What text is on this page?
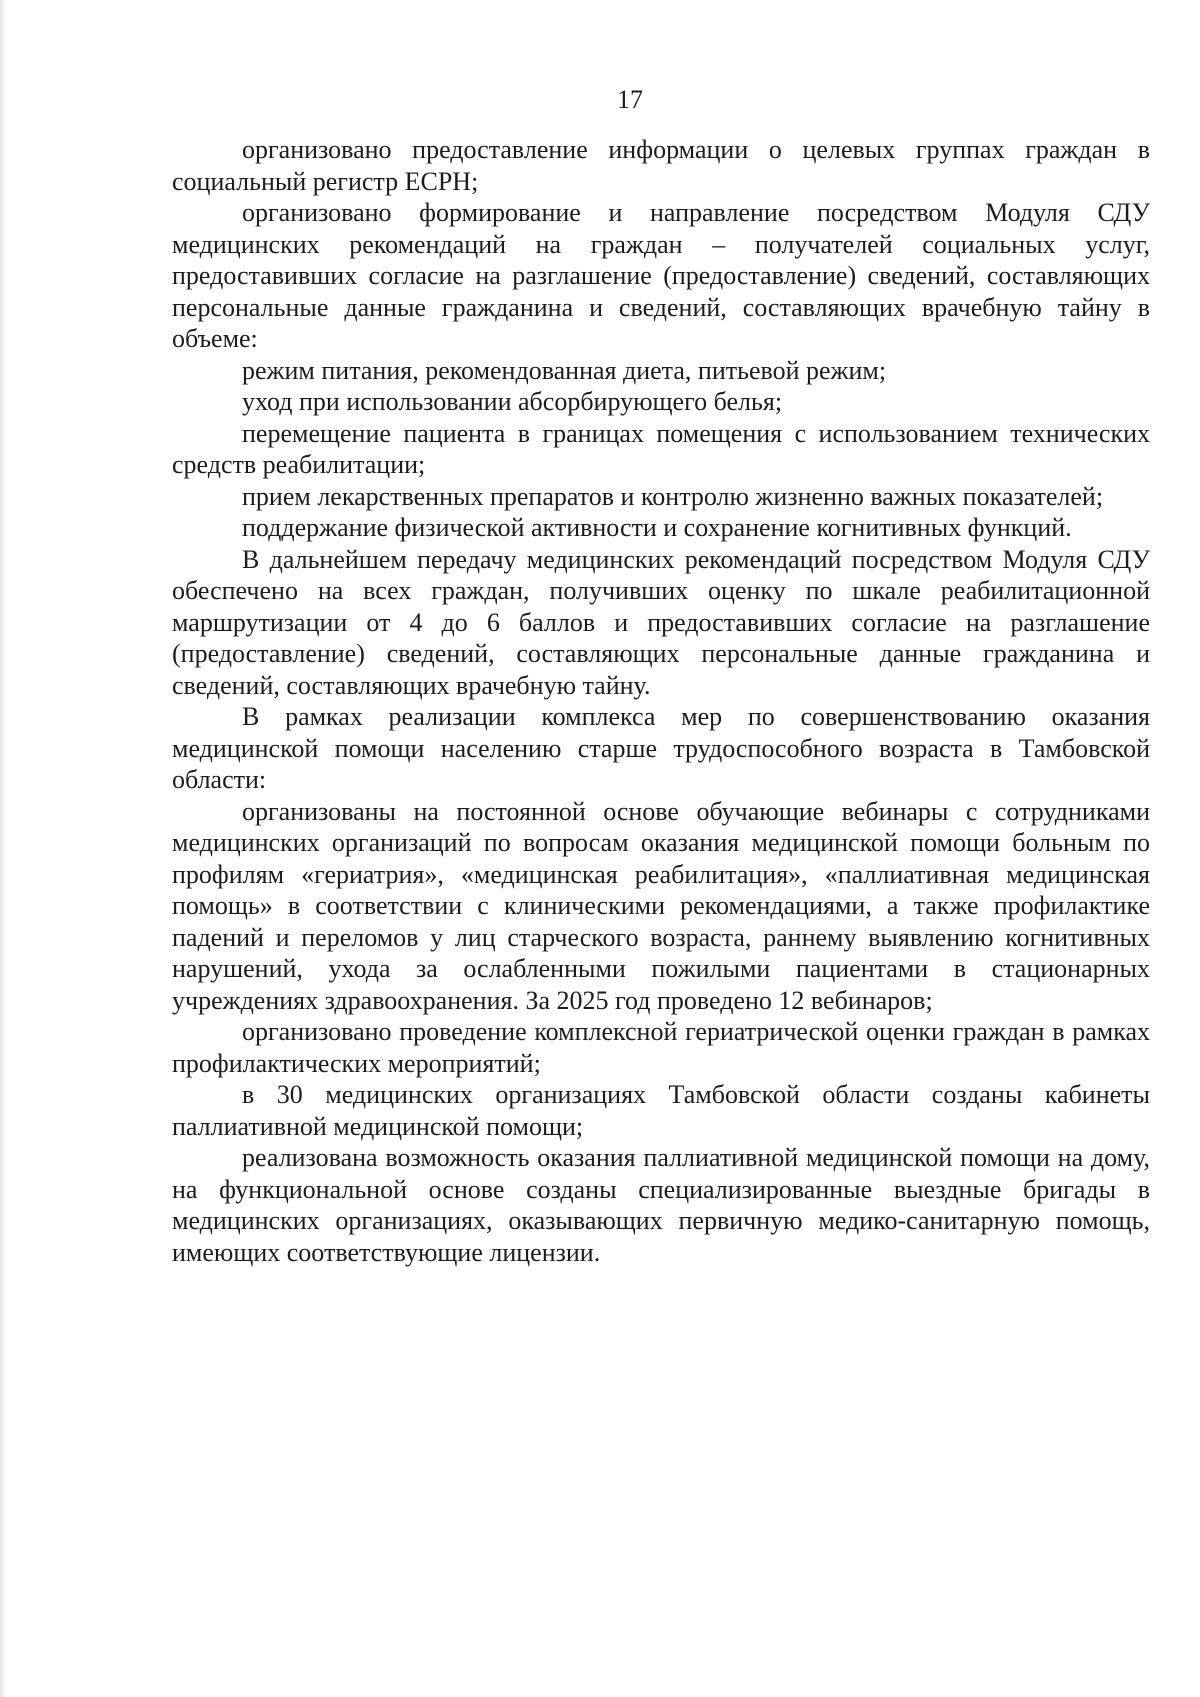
17

организовано предоставление информации о целевых группах граждан в социальный регистр ЕСРН;

организовано формирование и направление посредством Модуля СДУ медицинских рекомендаций на граждан – получателей социальных услуг, предоставивших согласие на разглашение (предоставление) сведений, составляющих персональные данные гражданина и сведений, составляющих врачебную тайну в объеме:

режим питания, рекомендованная диета, питьевой режим;

уход при использовании абсорбирующего белья;

перемещение пациента в границах помещения с использованием технических средств реабилитации;

прием лекарственных препаратов и контролю жизненно важных показателей;

поддержание физической активности и сохранение когнитивных функций.

В дальнейшем передачу медицинских рекомендаций посредством Модуля СДУ обеспечено на всех граждан, получивших оценку по шкале реабилитационной маршрутизации от 4 до 6 баллов и предоставивших согласие на разглашение (предоставление) сведений, составляющих персональные данные гражданина и сведений, составляющих врачебную тайну.

В рамках реализации комплекса мер по совершенствованию оказания медицинской помощи населению старше трудоспособного возраста в Тамбовской области:

организованы на постоянной основе обучающие вебинары с сотрудниками медицинских организаций по вопросам оказания медицинской помощи больным по профилям «гериатрия», «медицинская реабилитация», «паллиативная медицинская помощь» в соответствии с клиническими рекомендациями, а также профилактике падений и переломов у лиц старческого возраста, раннему выявлению когнитивных нарушений, ухода за ослабленными пожилыми пациентами в стационарных учреждениях здравоохранения. За 2025 год проведено 12 вебинаров;

организовано проведение комплексной гериатрической оценки граждан в рамках профилактических мероприятий;

в 30 медицинских организациях Тамбовской области созданы кабинеты паллиативной медицинской помощи;

реализована возможность оказания паллиативной медицинской помощи на дому, на функциональной основе созданы специализированные выездные бригады в медицинских организациях, оказывающих первичную медико-санитарную помощь, имеющих соответствующие лицензии.
